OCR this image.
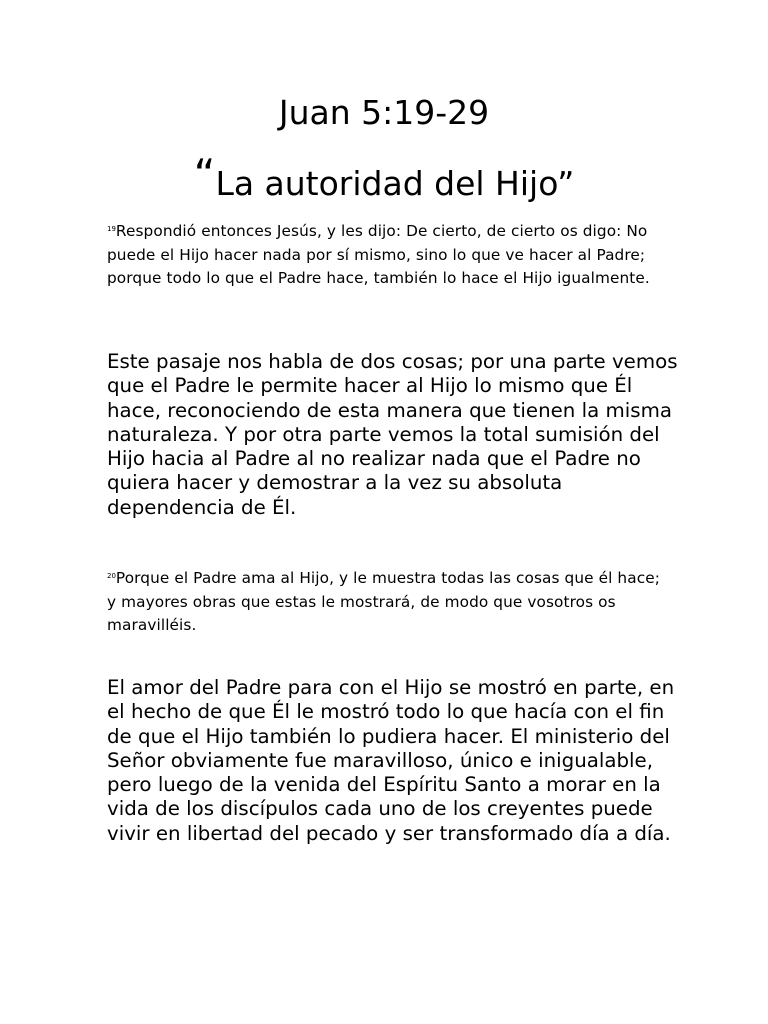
Juan 5:19-29
“La autoridad del Hijo”

$^{19}$Respondió entonces Jesús, y les dijo: De cierto, de cierto os digo: No puede el Hijo hacer nada por sí mismo, sino lo que ve hacer al Padre; porque todo lo que el Padre hace, también lo hace el Hijo igualmente.

Este pasaje nos habla de dos cosas; por una parte vemos que el Padre le permite hacer al Hijo lo mismo que Él hace, reconociendo de esta manera que tienen la misma naturaleza. Y por otra parte vemos la total sumisión del Hijo hacia al Padre al no realizar nada que el Padre no quiera hacer y demostrar a la vez su absoluta dependencia de Él.

$^{20}$Porque el Padre ama al Hijo, y le muestra todas las cosas que él hace; y mayores obras que estas le mostrará, de modo que vosotros os maravilléis.

El amor del Padre para con el Hijo se mostró en parte, en el hecho de que Él le mostró todo lo que hacía con el fin de que el Hijo también lo pudiera hacer. El ministerio del Señor obviamente fue maravilloso, único e inigualable, pero luego de la venida del Espíritu Santo a morar en la vida de los discípulos cada uno de los creyentes puede vivir en libertad del pecado y ser transformado día a día.
